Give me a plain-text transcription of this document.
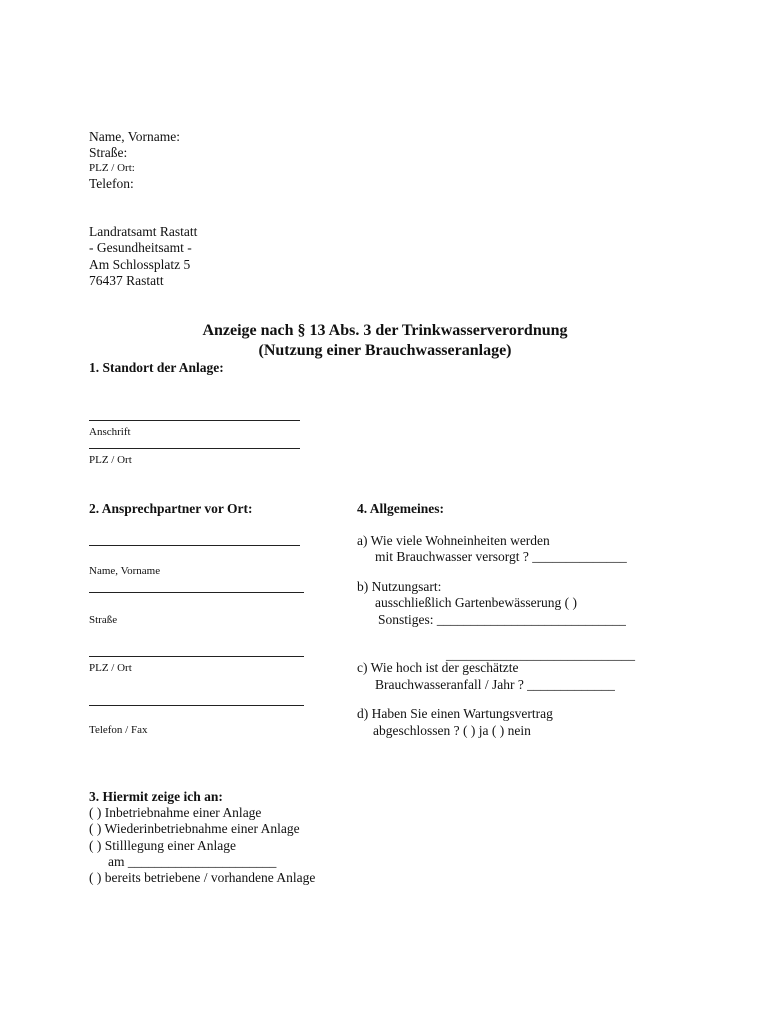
Name, Vorname:
Straße:
PLZ / Ort:
Telefon:
Landratsamt Rastatt
- Gesundheitsamt -
Am Schlossplatz 5
76437 Rastatt
Anzeige nach § 13 Abs. 3 der Trinkwasserverordnung
(Nutzung einer Brauchwasseranlage)
1. Standort der Anlage:
Anschrift
PLZ / Ort
2. Ansprechpartner vor Ort:
Name, Vorname
Straße
PLZ / Ort
Telefon / Fax
3. Hiermit zeige ich an:
( ) Inbetriebnahme einer Anlage
( ) Wiederinbetriebnahme einer Anlage
( ) Stilllegung einer Anlage
am ______________________
( ) bereits betriebene / vorhandene Anlage
4. Allgemeines:
a) Wie viele Wohneinheiten werden
mit Brauchwasser versorgt ? ______________
b) Nutzungsart:
ausschließlich Gartenbewässerung ( )
Sonstiges: ____________________________
____________________________
c) Wie hoch ist der geschätzte
Brauchwasseranfall / Jahr ? _____________
d) Haben Sie einen Wartungsvertrag
abgeschlossen ? ( ) ja ( ) nein
